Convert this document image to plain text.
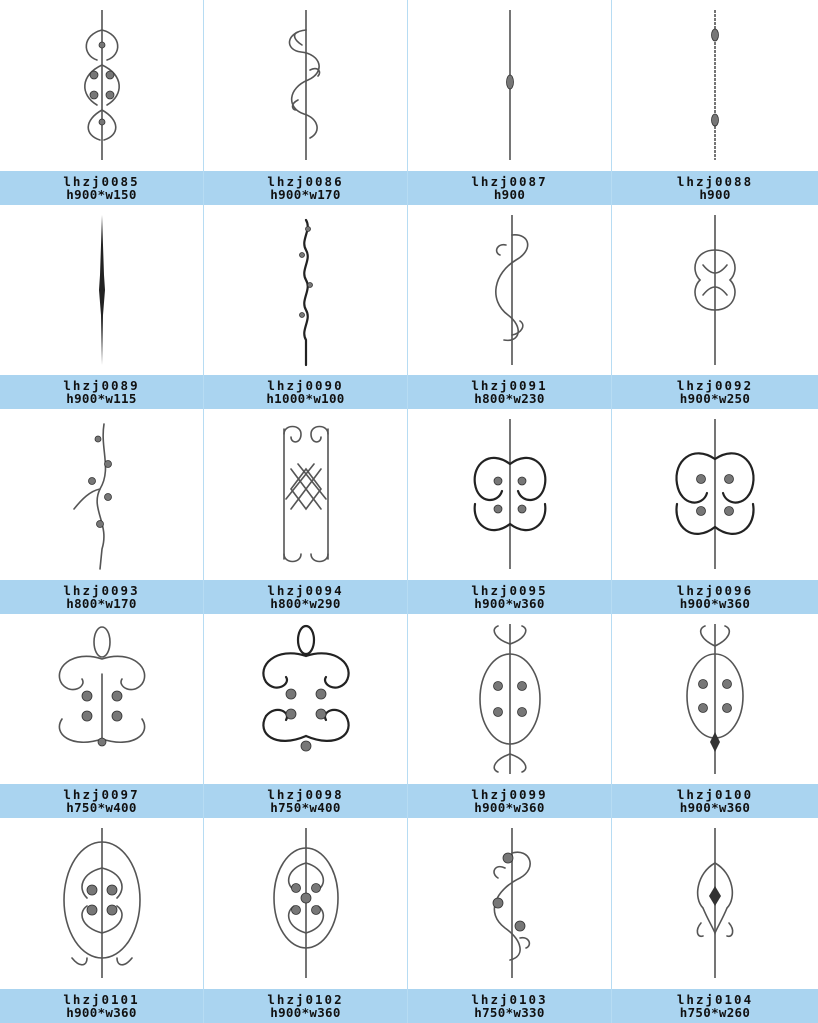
lhzj0085
h900*w150
lhzj0086
h900*w170
lhzj0087
h900
lhzj0088
h900
lhzj0089
h900*w115
lhzj0090
h1000*w100
lhzj0091
h800*w230
lhzj0092
h900*w250
lhzj0093
h800*w170
lhzj0094
h800*w290
lhzj0095
h900*w360
lhzj0096
h900*w360
lhzj0097
h750*w400
lhzj0098
h750*w400
lhzj0099
h900*w360
lhzj0100
h900*w360
lhzj0101
h900*w360
lhzj0102
h900*w360
lhzj0103
h750*w330
lhzj0104
h750*w260
